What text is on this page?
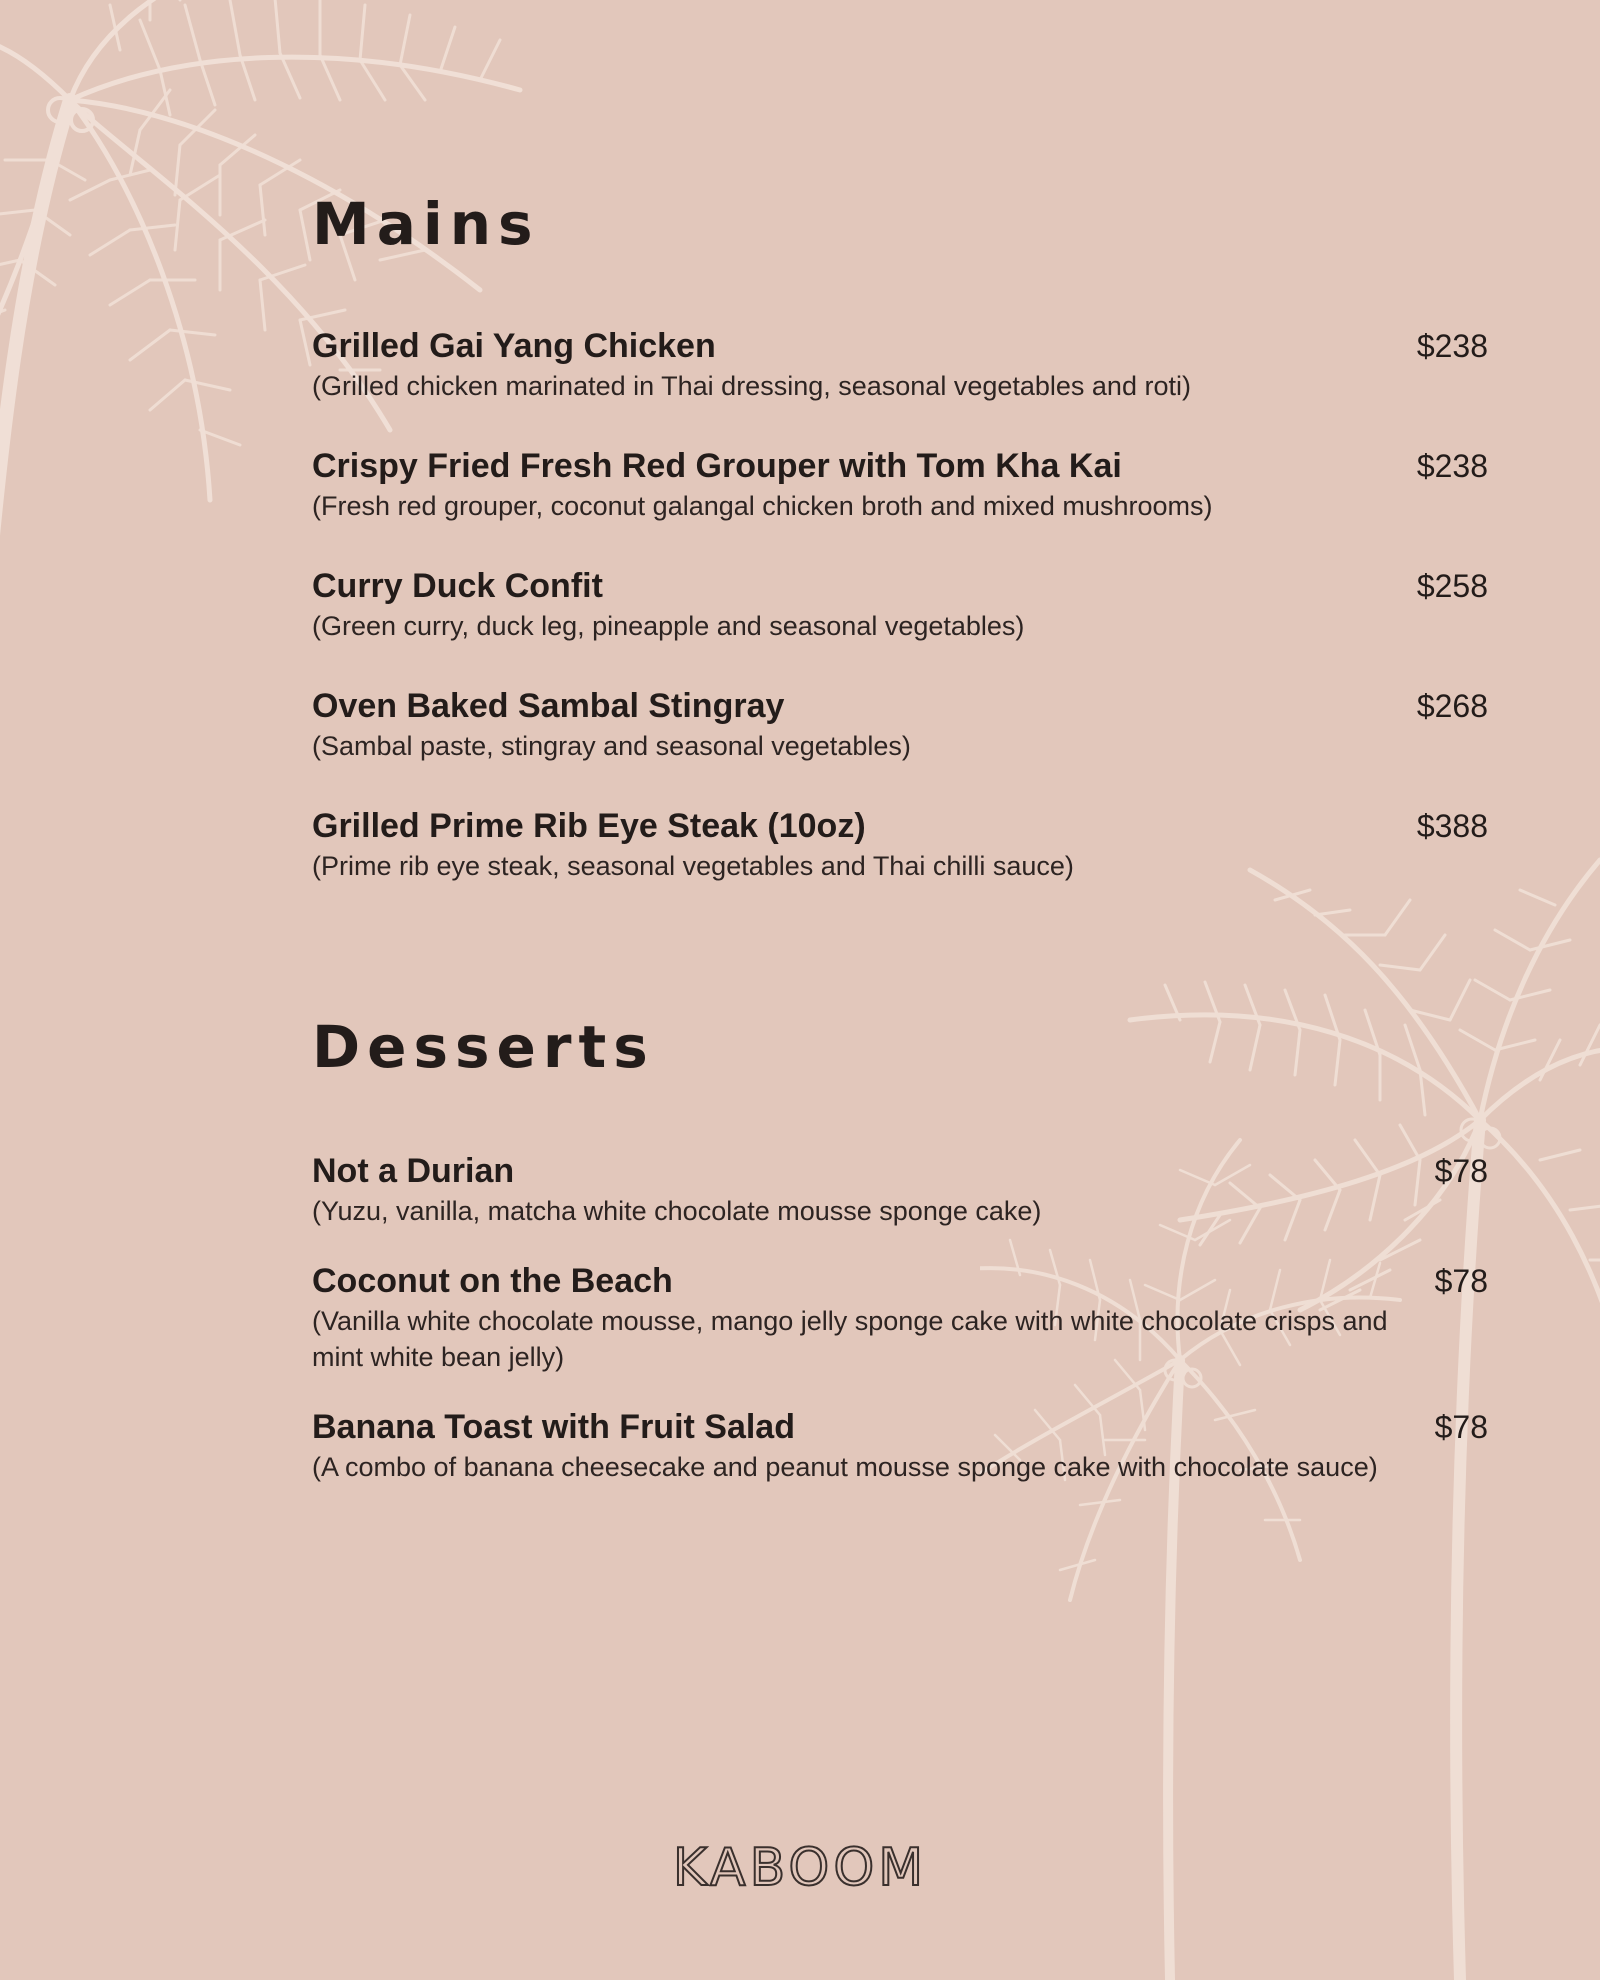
Mains
Grilled Gai Yang Chicken
(Grilled chicken marinated in Thai dressing, seasonal vegetables and roti)
$238
Crispy Fried Fresh Red Grouper with Tom Kha Kai
(Fresh red grouper, coconut galangal chicken broth and mixed mushrooms)
$238
Curry Duck Confit
(Green curry, duck leg, pineapple and seasonal vegetables)
$258
Oven Baked Sambal Stingray
(Sambal paste, stingray and seasonal vegetables)
$268
Grilled Prime Rib Eye Steak (10oz)
(Prime rib eye steak, seasonal vegetables and Thai chilli sauce)
$388
Desserts
Not a Durian
(Yuzu, vanilla, matcha white chocolate mousse sponge cake)
$78
Coconut on the Beach
(Vanilla white chocolate mousse, mango jelly sponge cake with white chocolate crisps and mint white bean jelly)
$78
Banana Toast with Fruit Salad
(A combo of banana cheesecake and peanut mousse sponge cake with chocolate sauce)
$78
KABOOM
